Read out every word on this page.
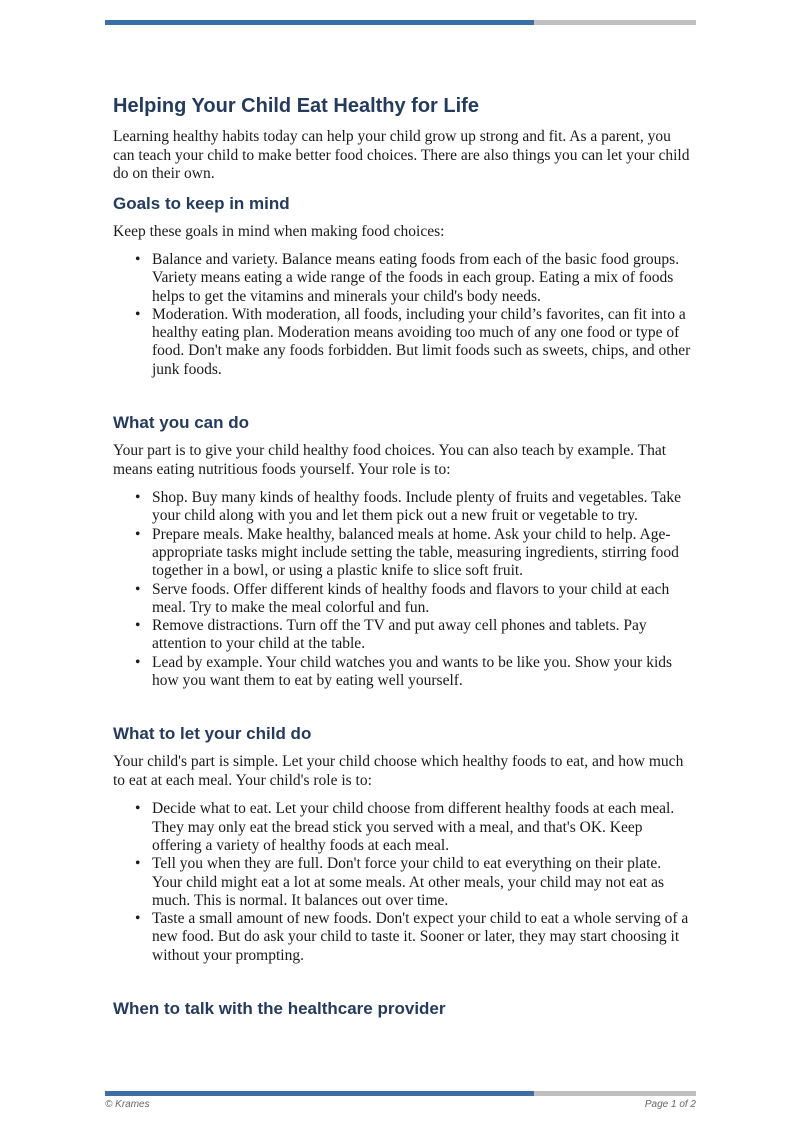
Helping Your Child Eat Healthy for Life

Learning healthy habits today can help your child grow up strong and fit. As a parent, you can teach your child to make better food choices. There are also things you can let your child do on their own.

Goals to keep in mind

Keep these goals in mind when making food choices:

• Balance and variety. Balance means eating foods from each of the basic food groups. Variety means eating a wide range of the foods in each group. Eating a mix of foods helps to get the vitamins and minerals your child's body needs.
• Moderation. With moderation, all foods, including your child’s favorites, can fit into a healthy eating plan. Moderation means avoiding too much of any one food or type of food. Don't make any foods forbidden. But limit foods such as sweets, chips, and other junk foods.
What you can do

Your part is to give your child healthy food choices. You can also teach by example. That means eating nutritious foods yourself. Your role is to:

• Shop. Buy many kinds of healthy foods. Include plenty of fruits and vegetables. Take your child along with you and let them pick out a new fruit or vegetable to try.
• Prepare meals. Make healthy, balanced meals at home. Ask your child to help. Age-appropriate tasks might include setting the table, measuring ingredients, stirring food together in a bowl, or using a plastic knife to slice soft fruit.
• Serve foods. Offer different kinds of healthy foods and flavors to your child at each meal. Try to make the meal colorful and fun.
• Remove distractions. Turn off the TV and put away cell phones and tablets. Pay attention to your child at the table.
• Lead by example. Your child watches you and wants to be like you. Show your kids how you want them to eat by eating well yourself.
What to let your child do

Your child's part is simple. Let your child choose which healthy foods to eat, and how much to eat at each meal. Your child's role is to:

• Decide what to eat. Let your child choose from different healthy foods at each meal. They may only eat the bread stick you served with a meal, and that's OK. Keep offering a variety of healthy foods at each meal.
• Tell you when they are full. Don't force your child to eat everything on their plate. Your child might eat a lot at some meals. At other meals, your child may not eat as much. This is normal. It balances out over time.
• Taste a small amount of new foods. Don't expect your child to eat a whole serving of a new food. But do ask your child to taste it. Sooner or later, they may start choosing it without your prompting.
When to talk with the healthcare provider
© Krames	Page 1 of 2
